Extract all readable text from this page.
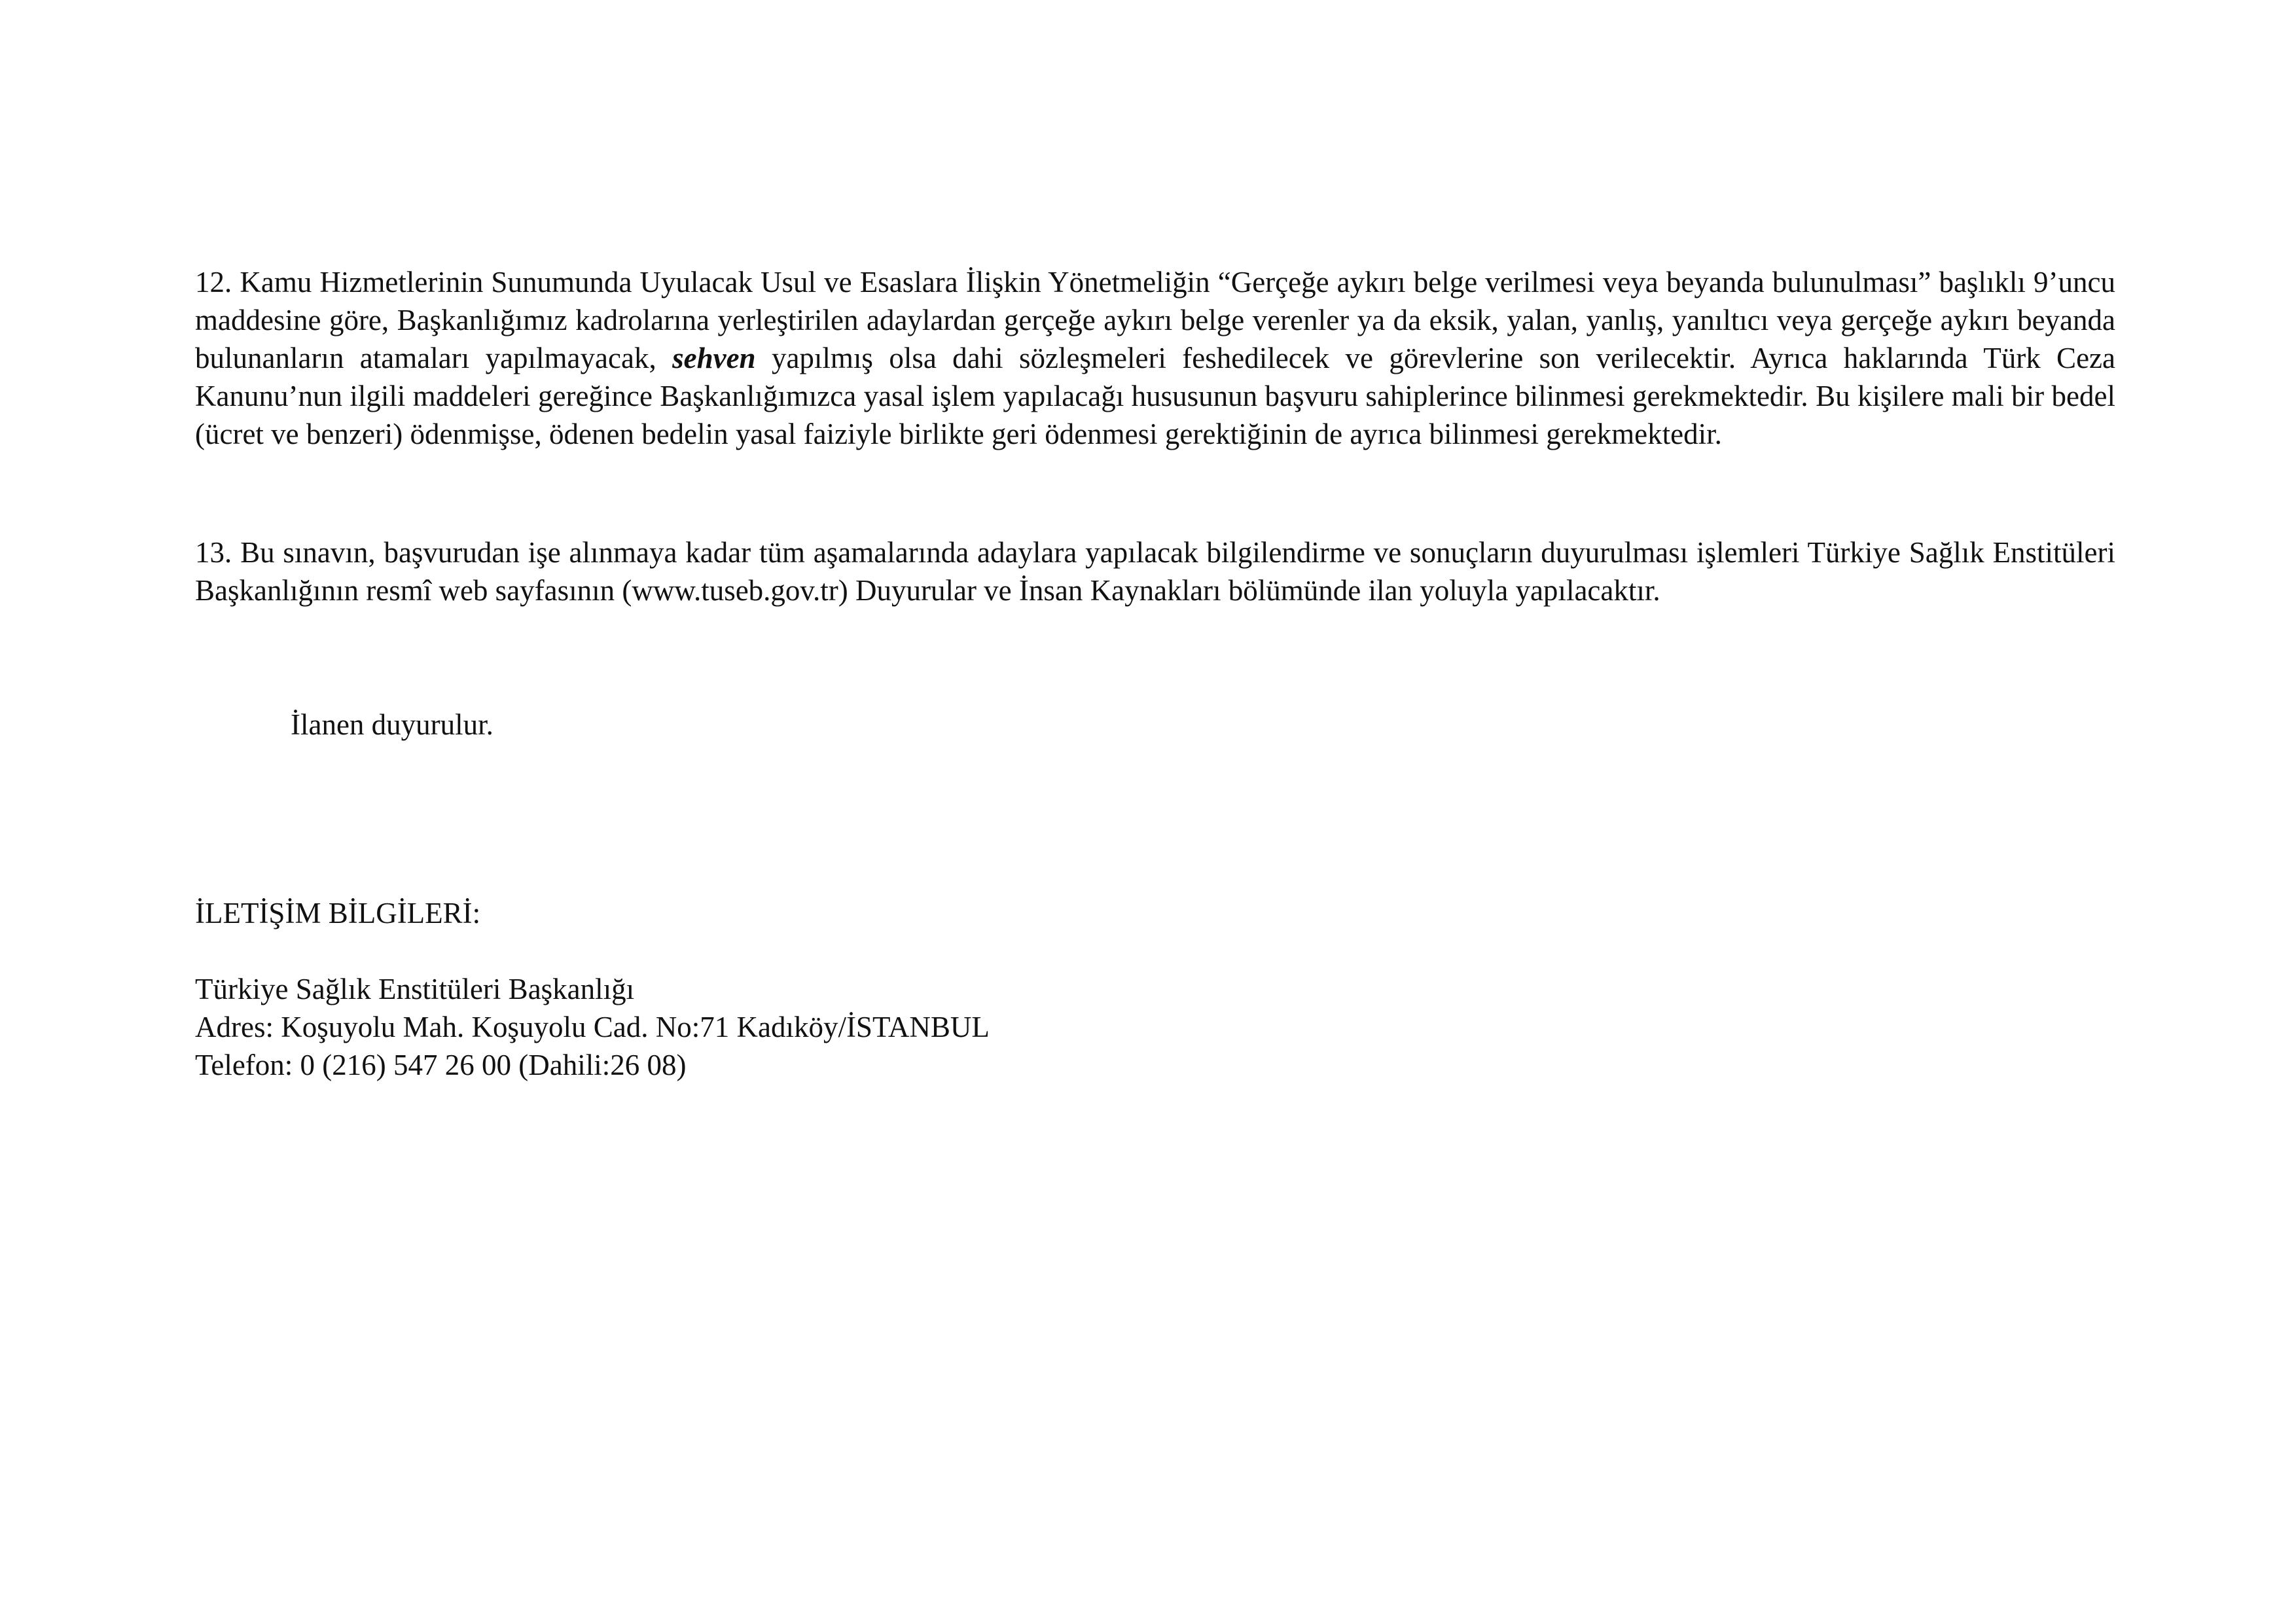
12. Kamu Hizmetlerinin Sunumunda Uyulacak Usul ve Esaslara İlişkin Yönetmeliğin “Gerçeğe aykırı belge verilmesi veya beyanda bulunulması” başlıklı 9’uncu maddesine göre, Başkanlığımız kadrolarına yerleştirilen adaylardan gerçeğe aykırı belge verenler ya da eksik, yalan, yanlış, yanıltıcı veya gerçeğe aykırı beyanda bulunanların atamaları yapılmayacak, sehven yapılmış olsa dahi sözleşmeleri feshedilecek ve görevlerine son verilecektir. Ayrıca haklarında Türk Ceza Kanunu’nun ilgili maddeleri gereğince Başkanlığımızca yasal işlem yapılacağı hususunun başvuru sahiplerince bilinmesi gerekmektedir. Bu kişilere mali bir bedel (ücret ve benzeri) ödenmişse, ödenen bedelin yasal faiziyle birlikte geri ödenmesi gerektiğinin de ayrıca bilinmesi gerekmektedir.

13. Bu sınavın, başvurudan işe alınmaya kadar tüm aşamalarında adaylara yapılacak bilgilendirme ve sonuçların duyurulması işlemleri Türkiye Sağlık Enstitüleri Başkanlığının resmî web sayfasının (www.tuseb.gov.tr) Duyurular ve İnsan Kaynakları bölümünde ilan yoluyla yapılacaktır.

İlanen duyurulur.

İLETİŞİM BİLGİLERİ:

Türkiye Sağlık Enstitüleri Başkanlığı
Adres: Koşuyolu Mah. Koşuyolu Cad. No:71 Kadıköy/İSTANBUL
Telefon: 0 (216) 547 26 00 (Dahili:26 08)
